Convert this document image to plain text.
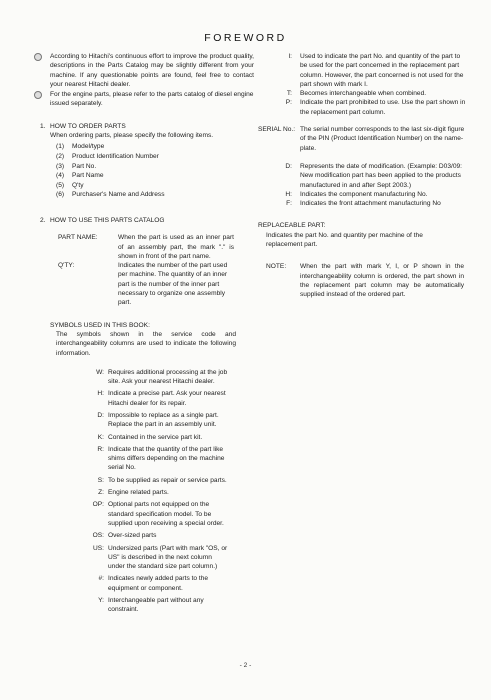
FOREWORD
According to Hitachi's continuous effort to improve the product quality, descriptions in the Parts Catalog may be slightly different from your machine. If any questionable points are found, feel free to contact your nearest Hitachi dealer.
For the engine parts, please refer to the parts catalog of diesel engine issued separately.
1. HOW TO ORDER PARTS
When ordering parts, please specify the following items.
(1) Model/type
(2) Product Identification Number
(3) Part No.
(4) Part Name
(5) Q'ty
(6) Purchaser's Name and Address
2. HOW TO USE THIS PARTS CATALOG
PART NAME:	When the part is used as an inner part of an assembly part, the mark "." is shown in front of the part name.
Q'TY:	Indicates the number of the part used per machine. The quantity of an inner part is the number of the inner part necessary to organize one assembly part.
SYMBOLS USED IN THIS BOOK:
The symbols shown in the service code and interchangeability columns are used to indicate the following information.
W: Requires additional processing at the job site. Ask your nearest Hitachi dealer.
H: Indicate a precise part. Ask your nearest Hitachi dealer for its repair.
D: Impossible to replace as a single part. Replace the part in an assembly unit.
K: Contained in the service part kit.
R: Indicate that the quantity of the part like shims differs depending on the machine serial No.
S: To be supplied as repair or service parts.
Z: Engine related parts.
OP: Optional parts not equipped on the standard specification model. To be supplied upon receiving a special order.
OS: Over-sized parts
US: Undersized parts (Part with mark "OS, or US" is described in the next column under the standard size part column.)
#: Indicates newly added parts to the equipment or component.
Y: Interchangeable part without any constraint.
I: Used to indicate the part No. and quantity of the part to be used for the part concerned in the replacement part column. However, the part concerned is not used for the part shown with mark I.
T: Becomes interchangeable when combined.
P: Indicate the part prohibited to use. Use the part shown in the replacement part column.
SERIAL No.: The serial number corresponds to the last six-digit figure of the PIN (Product Identification Number) on the name-plate.
D: Represents the date of modification. (Example: D03/09: New modification part has been applied to the products manufactured in and after Sept 2003.)
H: Indicates the component manufacturing No.
F: Indicates the front attachment manufacturing No
REPLACEABLE PART:
Indicates the part No. and quantity per machine of the replacement part.
NOTE: When the part with mark Y, I, or P shown in the interchangeability column is ordered, the part shown in the replacement part column may be automatically supplied instead of the ordered part.
- 2 -
